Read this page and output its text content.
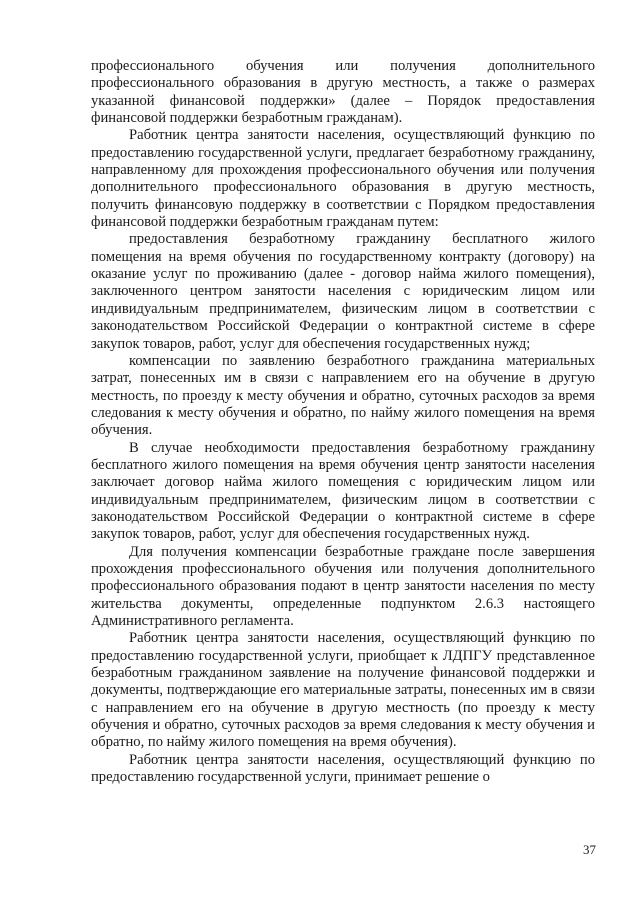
профессионального обучения или получения дополнительного профессионального образования в другую местность, а также о размерах указанной финансовой поддержки» (далее – Порядок предоставления финансовой поддержки безработным гражданам).

Работник центра занятости населения, осуществляющий функцию по предоставлению государственной услуги, предлагает безработному гражданину, направленному для прохождения профессионального обучения или получения дополнительного профессионального образования в другую местность, получить финансовую поддержку в соответствии с Порядком предоставления финансовой поддержки безработным гражданам путем:

предоставления безработному гражданину бесплатного жилого помещения на время обучения по государственному контракту (договору) на оказание услуг по проживанию (далее - договор найма жилого помещения), заключенного центром занятости населения с юридическим лицом или индивидуальным предпринимателем, физическим лицом в соответствии с законодательством Российской Федерации о контрактной системе в сфере закупок товаров, работ, услуг для обеспечения государственных нужд;

компенсации по заявлению безработного гражданина материальных затрат, понесенных им в связи с направлением его на обучение в другую местность, по проезду к месту обучения и обратно, суточных расходов за время следования к месту обучения и обратно, по найму жилого помещения на время обучения.

В случае необходимости предоставления безработному гражданину бесплатного жилого помещения на время обучения центр занятости населения заключает договор найма жилого помещения с юридическим лицом или индивидуальным предпринимателем, физическим лицом в соответствии с законодательством Российской Федерации о контрактной системе в сфере закупок товаров, работ, услуг для обеспечения государственных нужд.

Для получения компенсации безработные граждане после завершения прохождения профессионального обучения или получения дополнительного профессионального образования подают в центр занятости населения по месту жительства документы, определенные подпунктом 2.6.3 настоящего Административного регламента.

Работник центра занятости населения, осуществляющий функцию по предоставлению государственной услуги, приобщает к ЛДПГУ представленное безработным гражданином заявление на получение финансовой поддержки и документы, подтверждающие его материальные затраты, понесенных им в связи с направлением его на обучение в другую местность (по проезду к месту обучения и обратно, суточных расходов за время следования к месту обучения и обратно, по найму жилого помещения на время обучения).

Работник центра занятости населения, осуществляющий функцию по предоставлению государственной услуги, принимает решение о

37
